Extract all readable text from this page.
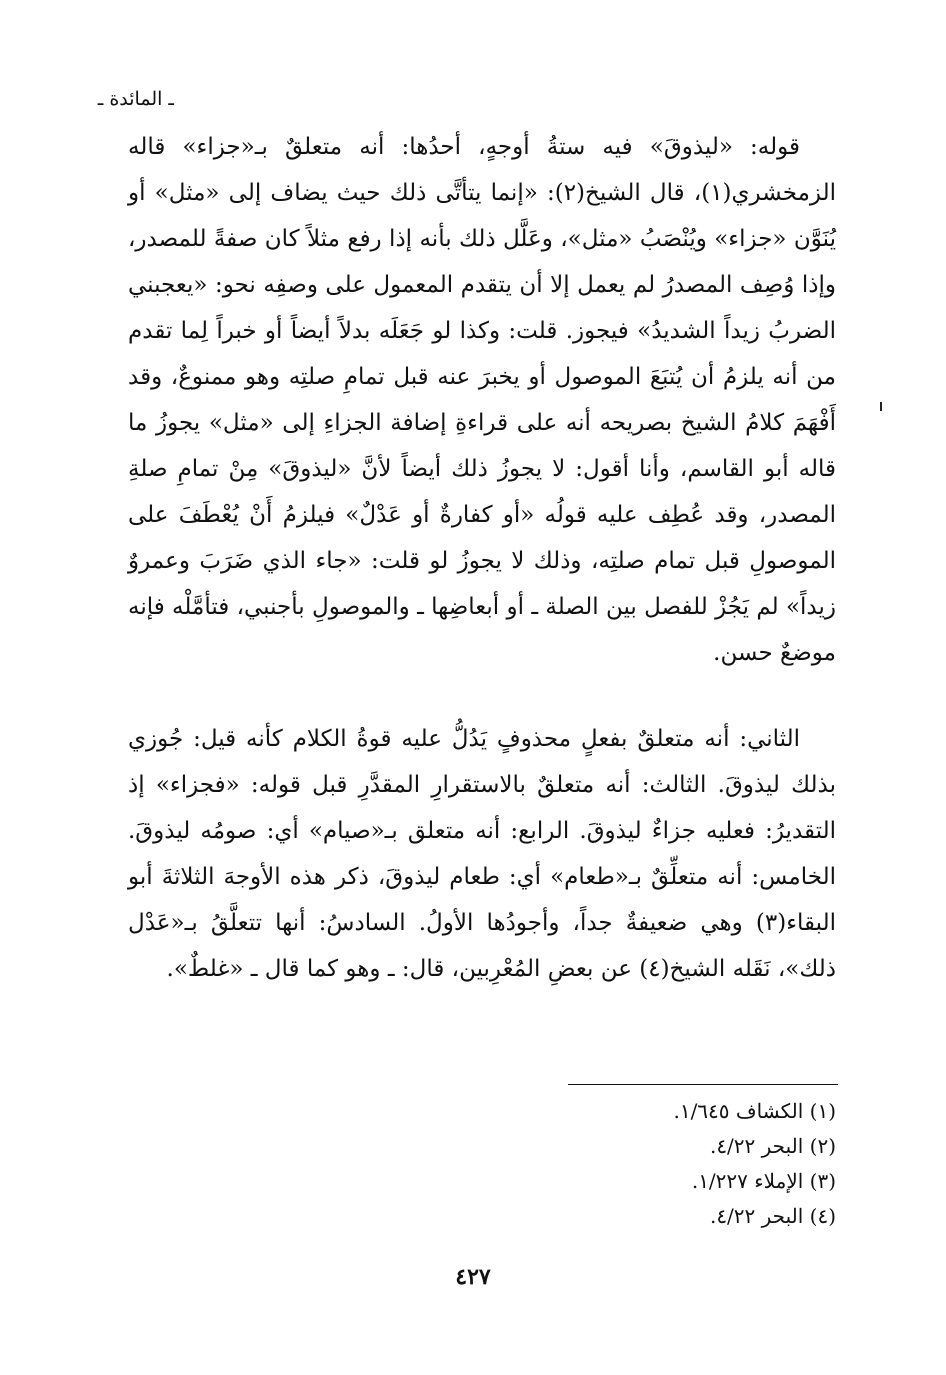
ـ المائدة ـ

قوله: «ليذوقَ» فيه ستةُ أوجهٍ، أحدُها: أنه متعلقٌ بـ«جزاء» قاله الزمخشري(١)، قال الشيخ(٢): «إنما يتأتَّى ذلك حيث يضاف إلى «مثل» أو يُنَوَّن «جزاء» ويُنْصَبُ «مثل»، وعَلَّل ذلك بأنه إذا رفع مثلاً كان صفةً للمصدر، وإذا وُصِف المصدرُ لم يعمل إلا أن يتقدم المعمول على وصفِه نحو: «يعجبني الضربُ زيداً الشديدُ» فيجوز. قلت: وكذا لو جَعَلَه بدلاً أيضاً أو خبراً لِما تقدم من أنه يلزمُ أن يُتبَعَ الموصول أو يخبرَ عنه قبل تمامِ صلتِه وهو ممنوعٌ، وقد أَفْهَمَ كلامُ الشيخ بصريحه أنه على قراءةِ إضافة الجزاءِ إلى «مثل» يجوزُ ما قاله أبو القاسم، وأنا أقول: لا يجوزُ ذلك أيضاً لأنَّ «ليذوقَ» مِنْ تمامِ صلةِ المصدر، وقد عُطِف عليه قولُه «أو كفارةٌ أو عَدْلٌ» فيلزمُ أَنْ يُعْطَفَ على الموصولِ قبل تمام صلتِه، وذلك لا يجوزُ لو قلت: «جاء الذي ضَرَبَ وعمروٌ زيداً» لم يَجُزْ للفصل بين الصلة ـ أو أبعاضِها ـ والموصولِ بأجنبي، فتأمَّلْه فإنه موضعٌ حسن.

الثاني: أنه متعلقٌ بفعلٍ محذوفٍ يَدُلُّ عليه قوةُ الكلام كأنه قيل: جُوزي بذلك ليذوقَ. الثالث: أنه متعلقٌ بالاستقرارِ المقدَّرِ قبل قوله: «فجزاء» إذ التقديرُ: فعليه جزاءٌ ليذوقَ. الرابع: أنه متعلق بـ«صيام» أي: صومُه ليذوقَ. الخامس: أنه متعلِّقٌ بـ«طعام» أي: طعام ليذوقَ، ذكر هذه الأوجهَ الثلاثةَ أبو البقاء(٣) وهي ضعيفةٌ جداً، وأجودُها الأولُ. السادسُ: أنها تتعلَّقُ بـ«عَدْل ذلك»، نَقَله الشيخ(٤) عن بعضِ المُعْرِبين، قال: ـ وهو كما قال ـ «غلطٌ».

(١) الكشاف ١/٦٤٥.
(٢) البحر ٤/٢٢.
(٣) الإملاء ١/٢٢٧.
(٤) البحر ٤/٢٢.
٤٢٧
